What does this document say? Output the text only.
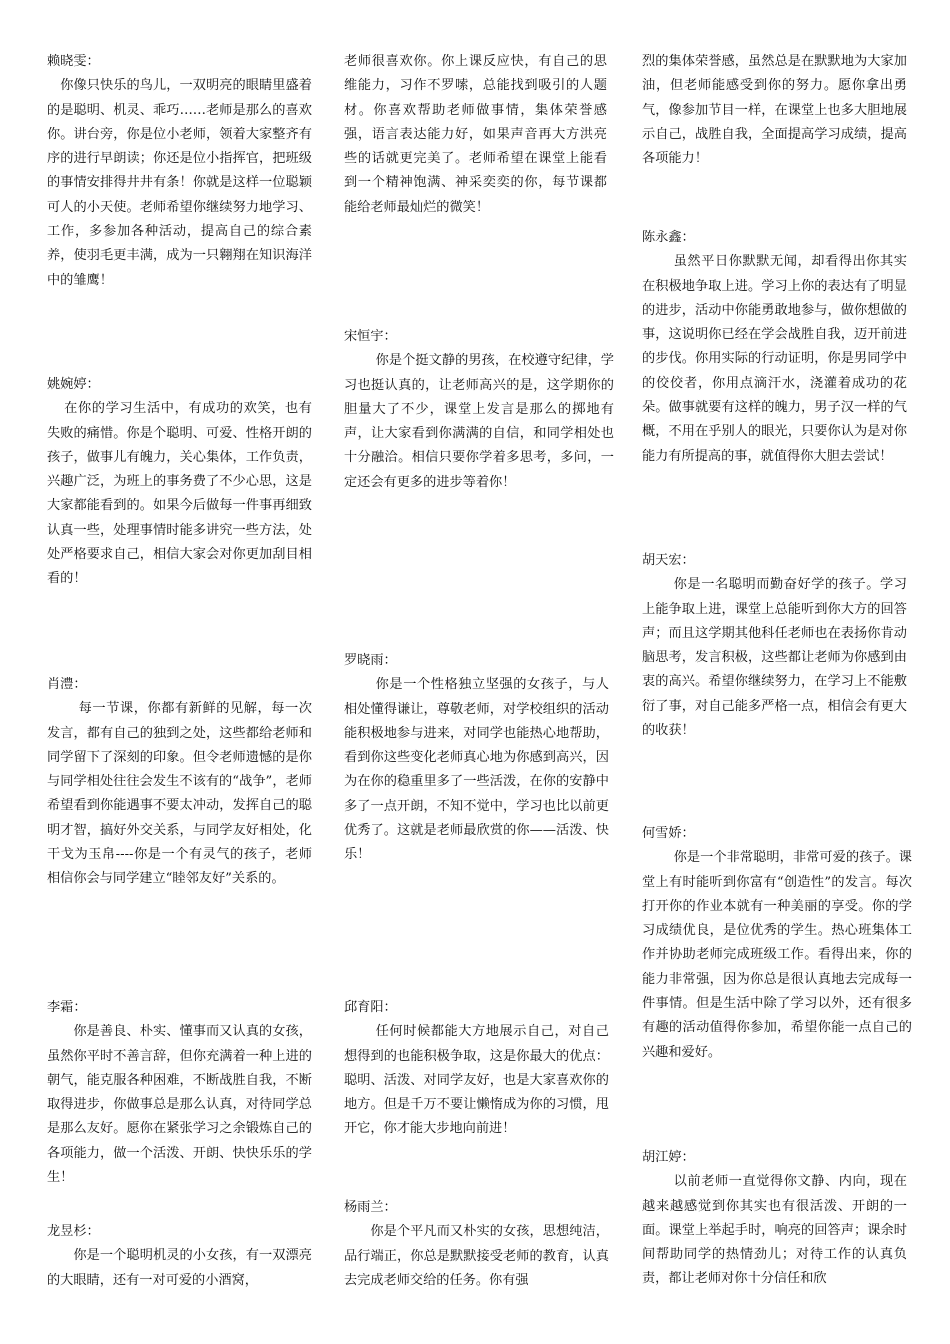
赖晓雯：
你像只快乐的鸟儿，一双明亮的眼睛里盛着的是聪明、机灵、乖巧……老师是那么的喜欢你。讲台旁，你是位小老师，领着大家整齐有序的进行早朗读；你还是位小指挥官，把班级的事情安排得井井有条！你就是这样一位聪颖可人的小天使。老师希望你继续努力地学习、工作，多参加各种活动，提高自己的综合素养，使羽毛更丰满，成为一只翱翔在知识海洋中的雏鹰！
姚婉婷：
在你的学习生活中，有成功的欢笑，也有失败的痛惜。你是个聪明、可爱、性格开朗的孩子，做事儿有魄力，关心集体，工作负责，兴趣广泛，为班上的事务费了不少心思，这是大家都能看到的。如果今后做每一件事再细致认真一些，处理事情时能多讲究一些方法，处处严格要求自己，相信大家会对你更加刮目相看的！
肖澧：
每一节课，你都有新鲜的见解，每一次发言，都有自己的独到之处，这些都给老师和同学留下了深刻的印象。但令老师遗憾的是你与同学相处往往会发生不该有的“战争”，老师希望看到你能遇事不要太冲动，发挥自己的聪明才智，搞好外交关系，与同学友好相处，化干戈为玉帛----你是一个有灵气的孩子，老师相信你会与同学建立“睦邻友好”关系的。
李霜：
你是善良、朴实、懂事而又认真的女孩，虽然你平时不善言辞，但你充满着一种上进的朝气，能克服各种困难，不断战胜自我，不断取得进步，你做事总是那么认真，对待同学总是那么友好。愿你在紧张学习之余锻炼自己的各项能力，做一个活泼、开朗、快快乐乐的学生！
龙昱杉：
你是一个聪明机灵的小女孩，有一双漂亮的大眼睛，还有一对可爱的小酒窝，
老师很喜欢你。你上课反应快，有自己的思维能力，习作不罗嗦，总能找到吸引的人题材。你喜欢帮助老师做事情，集体荣誉感强，语言表达能力好，如果声音再大方洪亮些的话就更完美了。老师希望在课堂上能看到一个精神饱满、神采奕奕的你，每节课都能给老师最灿烂的微笑！
宋恒宇：
你是个挺文静的男孩，在校遵守纪律，学习也挺认真的，让老师高兴的是，这学期你的胆量大了不少，课堂上发言是那么的掷地有声，让大家看到你满满的自信，和同学相处也十分融洽。相信只要你学着多思考，多问，一定还会有更多的进步等着你！
罗晓雨：
你是一个性格独立坚强的女孩子，与人相处懂得谦让，尊敬老师，对学校组织的活动能积极地参与进来，对同学也能热心地帮助，看到你这些变化老师真心地为你感到高兴，因为在你的稳重里多了一些活泼，在你的安静中多了一点开朗，不知不觉中，学习也比以前更优秀了。这就是老师最欣赏的你——活泼、快乐！
邱育阳：
任何时候都能大方地展示自己，对自己想得到的也能积极争取，这是你最大的优点：聪明、活泼、对同学友好，也是大家喜欢你的地方。但是千万不要让懒惰成为你的习惯，甩开它，你才能大步地向前进！
杨雨兰：
你是个平凡而又朴实的女孩，思想纯洁，品行端正，你总是默默接受老师的教育，认真去完成老师交给的任务。你有强
烈的集体荣誉感，虽然总是在默默地为大家加油，但老师能感受到你的努力。愿你拿出勇气，像参加节目一样，在课堂上也多大胆地展示自己，战胜自我，全面提高学习成绩，提高各项能力！
陈永鑫：
虽然平日你默默无闻，却看得出你其实在积极地争取上进。学习上你的表达有了明显的进步，活动中你能勇敢地参与，做你想做的事，这说明你已经在学会战胜自我，迈开前进的步伐。你用实际的行动证明，你是男同学中的佼佼者，你用点滴汗水，浇灌着成功的花朵。做事就要有这样的魄力，男子汉一样的气概，不用在乎别人的眼光，只要你认为是对你能力有所提高的事，就值得你大胆去尝试！
胡天宏：
你是一名聪明而勤奋好学的孩子。学习上能争取上进，课堂上总能听到你大方的回答声；而且这学期其他科任老师也在表扬你肯动脑思考，发言积极，这些都让老师为你感到由衷的高兴。希望你继续努力，在学习上不能敷衍了事，对自己能多严格一点，相信会有更大的收获！
何雪娇：
你是一个非常聪明，非常可爱的孩子。课堂上有时能听到你富有“创造性”的发言。每次打开你的作业本就有一种美丽的享受。你的学习成绩优良，是位优秀的学生。热心班集体工作并协助老师完成班级工作。看得出来，你的能力非常强，因为你总是很认真地去完成每一件事情。但是生活中除了学习以外，还有很多有趣的活动值得你参加，希望你能一点自己的兴趣和爱好。
胡江婷：
以前老师一直觉得你文静、内向，现在越来越感觉到你其实也有很活泼、开朗的一面。课堂上举起手时，响亮的回答声；课余时间帮助同学的热情劲儿；对待工作的认真负责，都让老师对你十分信任和欣
